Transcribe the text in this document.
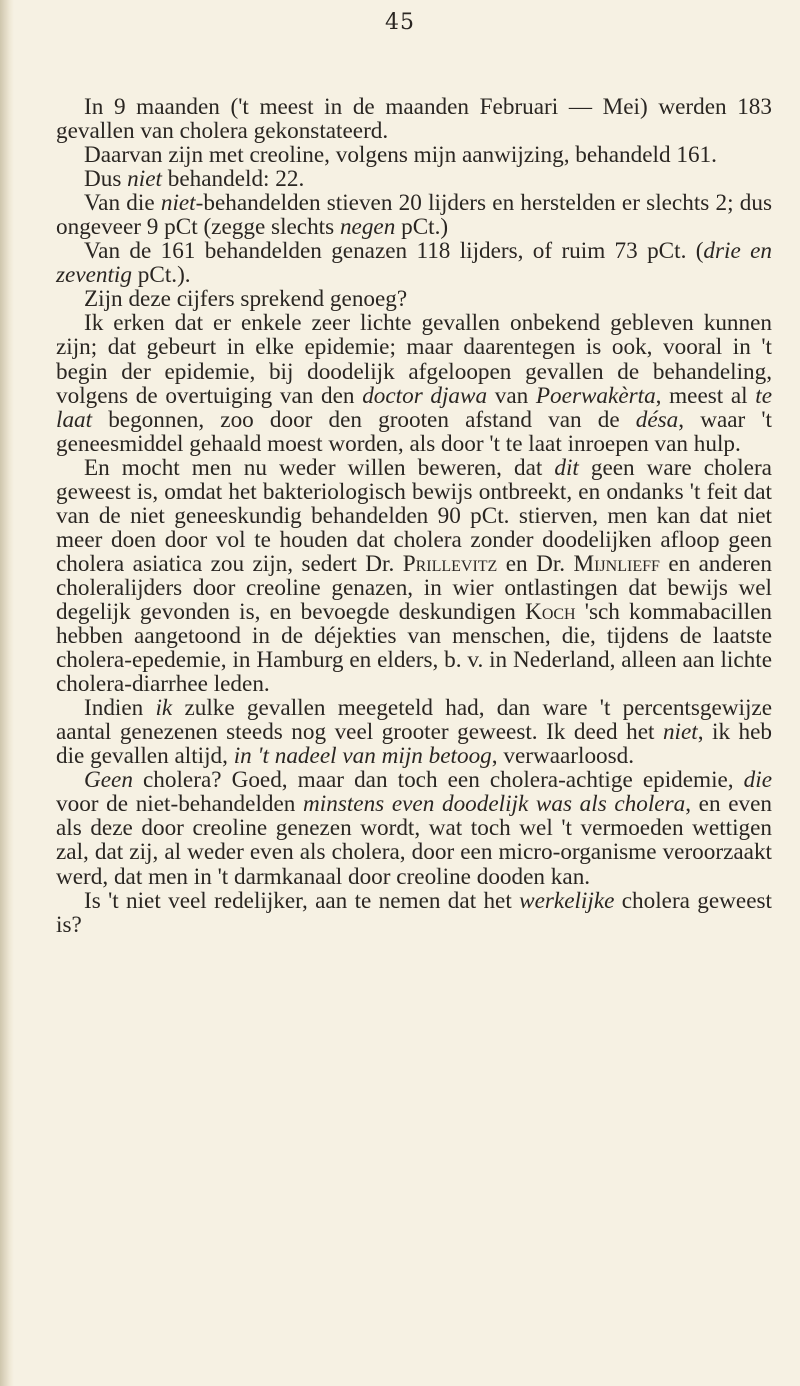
45

In 9 maanden ('t meest in de maanden Februari — Mei) werden 183 gevallen van cholera gekonstateerd.

Daarvan zijn met creoline, volgens mijn aanwijzing, behandeld 161.

Dus niet behandeld: 22.

Van die niet-behandelden stieven 20 lijders en herstelden er slechts 2; dus ongeveer 9 pCt (zegge slechts negen pCt.)

Van de 161 behandelden genazen 118 lijders, of ruim 73 pCt. (drie en zeventig pCt.).

Zijn deze cijfers sprekend genoeg?

Ik erken dat er enkele zeer lichte gevallen onbekend gebleven kunnen zijn; dat gebeurt in elke epidemie; maar daarentegen is ook, vooral in 't begin der epidemie, bij doodelijk afgeloopen gevallen de behandeling, volgens de overtuiging van den doctor djawa van Poerwakèrta, meest al te laat begonnen, zoo door den grooten afstand van de désa, waar 't geneesmiddel gehaald moest worden, als door 't te laat inroepen van hulp.

En mocht men nu weder willen beweren, dat dit geen ware cholera geweest is, omdat het bakteriologisch bewijs ontbreekt, en ondanks 't feit dat van de niet geneeskundig behandelden 90 pCt. stierven, men kan dat niet meer doen door vol te houden dat cholera zonder doodelijken afloop geen cholera asiatica zou zijn, sedert Dr. Prillevitz en Dr. Mijnlieff en anderen choleralijders door creoline genazen, in wier ontlastingen dat bewijs wel degelijk gevonden is, en bevoegde deskundigen Koch 'sch kommabacillen hebben aangetoond in de déjekties van menschen, die, tijdens de laatste cholera-epedemie, in Hamburg en elders, b. v. in Nederland, alleen aan lichte cholera-diarrhee leden.

Indien ik zulke gevallen meegeteld had, dan ware 't percentsgewijze aantal genezenen steeds nog veel grooter geweest. Ik deed het niet, ik heb die gevallen altijd, in 't nadeel van mijn betoog, verwaarloosd.

Geen cholera? Goed, maar dan toch een cholera-achtige epidemie, die voor de niet-behandelden minstens even doodelijk was als cholera, en even als deze door creoline genezen wordt, wat toch wel 't vermoeden wettigen zal, dat zij, al weder even als cholera, door een micro-organisme veroorzaakt werd, dat men in 't darmkanaal door creoline dooden kan.

Is 't niet veel redelijker, aan te nemen dat het werkelijke cholera geweest is?
